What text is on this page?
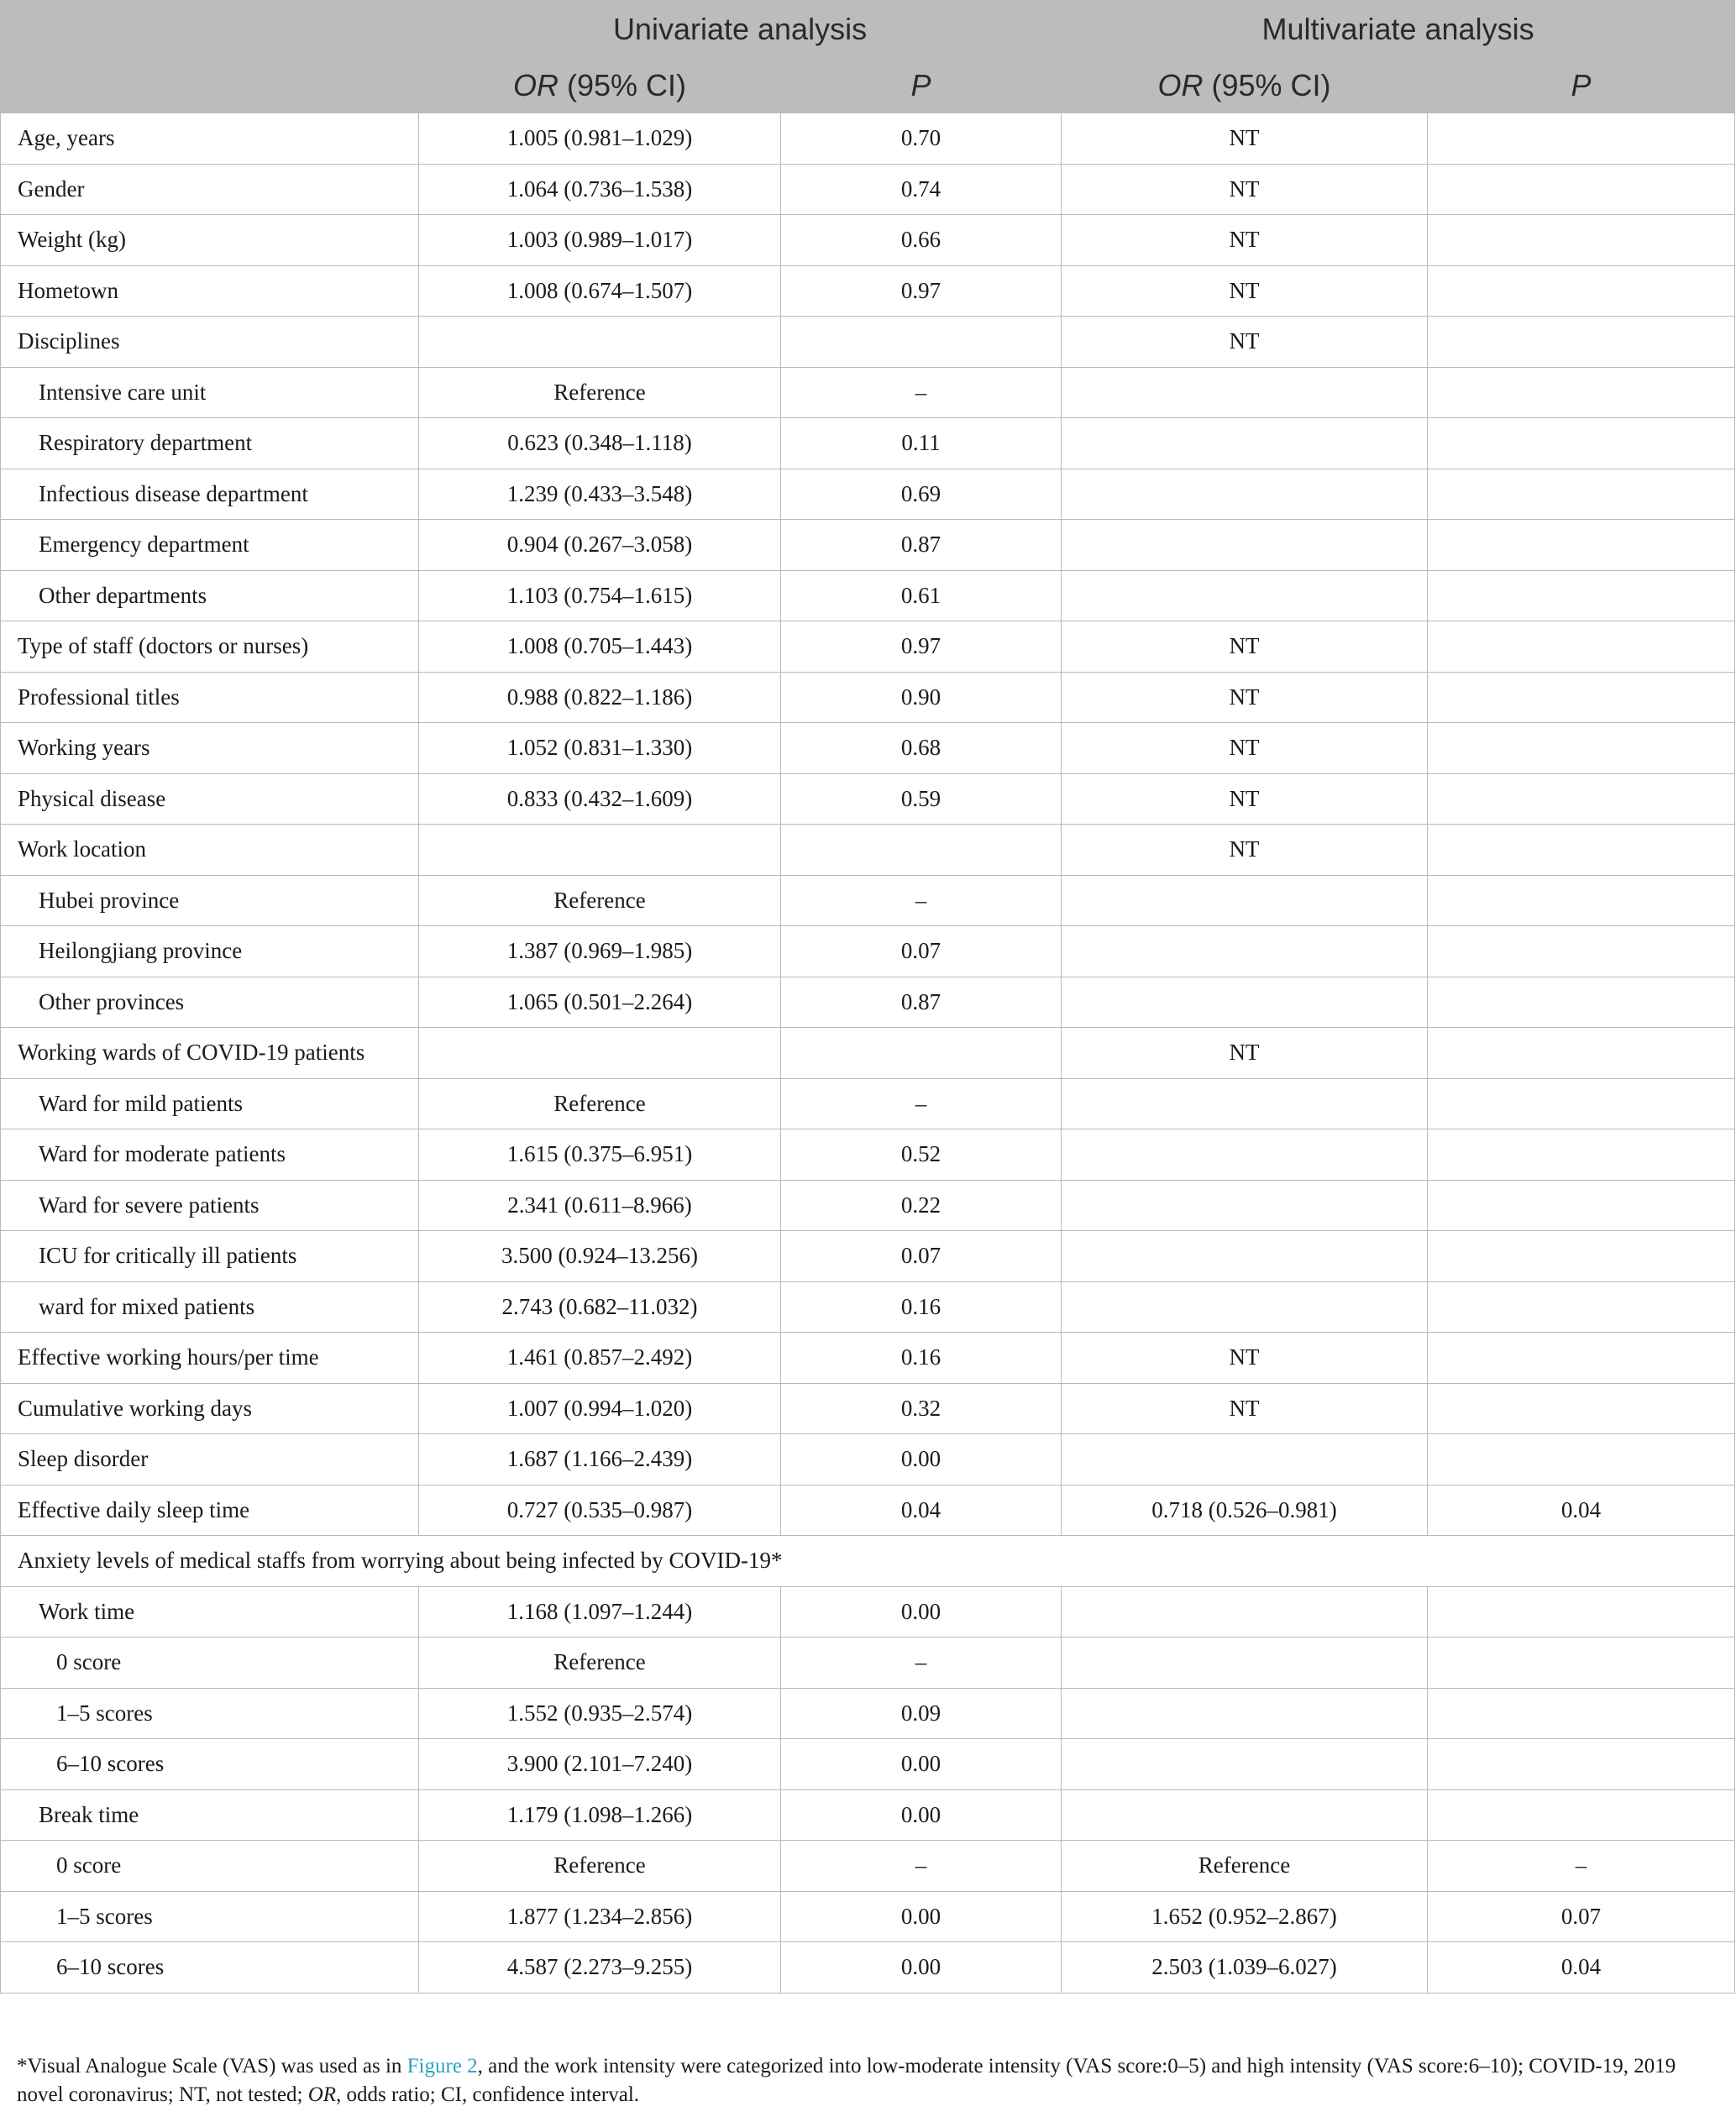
	Univariate analysis		Multivariate analysis	
	OR (95% CI)	P	OR (95% CI)	P
Age, years	1.005 (0.981–1.029)	0.70	NT	
Gender	1.064 (0.736–1.538)	0.74	NT	
Weight (kg)	1.003 (0.989–1.017)	0.66	NT	
Hometown	1.008 (0.674–1.507)	0.97	NT	
Disciplines			NT	
Intensive care unit	Reference	–		
Respiratory department	0.623 (0.348–1.118)	0.11		
Infectious disease department	1.239 (0.433–3.548)	0.69		
Emergency department	0.904 (0.267–3.058)	0.87		
Other departments	1.103 (0.754–1.615)	0.61		
Type of staff (doctors or nurses)	1.008 (0.705–1.443)	0.97	NT	
Professional titles	0.988 (0.822–1.186)	0.90	NT	
Working years	1.052 (0.831–1.330)	0.68	NT	
Physical disease	0.833 (0.432–1.609)	0.59	NT	
Work location			NT	
Hubei province	Reference	–		
Heilongjiang province	1.387 (0.969–1.985)	0.07		
Other provinces	1.065 (0.501–2.264)	0.87		
Working wards of COVID-19 patients			NT	
Ward for mild patients	Reference	–		
Ward for moderate patients	1.615 (0.375–6.951)	0.52		
Ward for severe patients	2.341 (0.611–8.966)	0.22		
ICU for critically ill patients	3.500 (0.924–13.256)	0.07		
ward for mixed patients	2.743 (0.682–11.032)	0.16		
Effective working hours/per time	1.461 (0.857–2.492)	0.16	NT	
Cumulative working days	1.007 (0.994–1.020)	0.32	NT	
Sleep disorder	1.687 (1.166–2.439)	0.00		
Effective daily sleep time	0.727 (0.535–0.987)	0.04	0.718 (0.526–0.981)	0.04
Anxiety levels of medical staffs from worrying about being infected by COVID-19*				
Work time	1.168 (1.097–1.244)	0.00		
0 score	Reference	–		
1–5 scores	1.552 (0.935–2.574)	0.09		
6–10 scores	3.900 (2.101–7.240)	0.00		
Break time	1.179 (1.098–1.266)	0.00		
0 score	Reference	–	Reference	–
1–5 scores	1.877 (1.234–2.856)	0.00	1.652 (0.952–2.867)	0.07
6–10 scores	4.587 (2.273–9.255)	0.00	2.503 (1.039–6.027)	0.04
*Visual Analogue Scale (VAS) was used as in Figure 2, and the work intensity were categorized into low-moderate intensity (VAS score:0–5) and high intensity (VAS score:6–10); COVID-19, 2019 novel coronavirus; NT, not tested; OR, odds ratio; CI, confidence interval.
